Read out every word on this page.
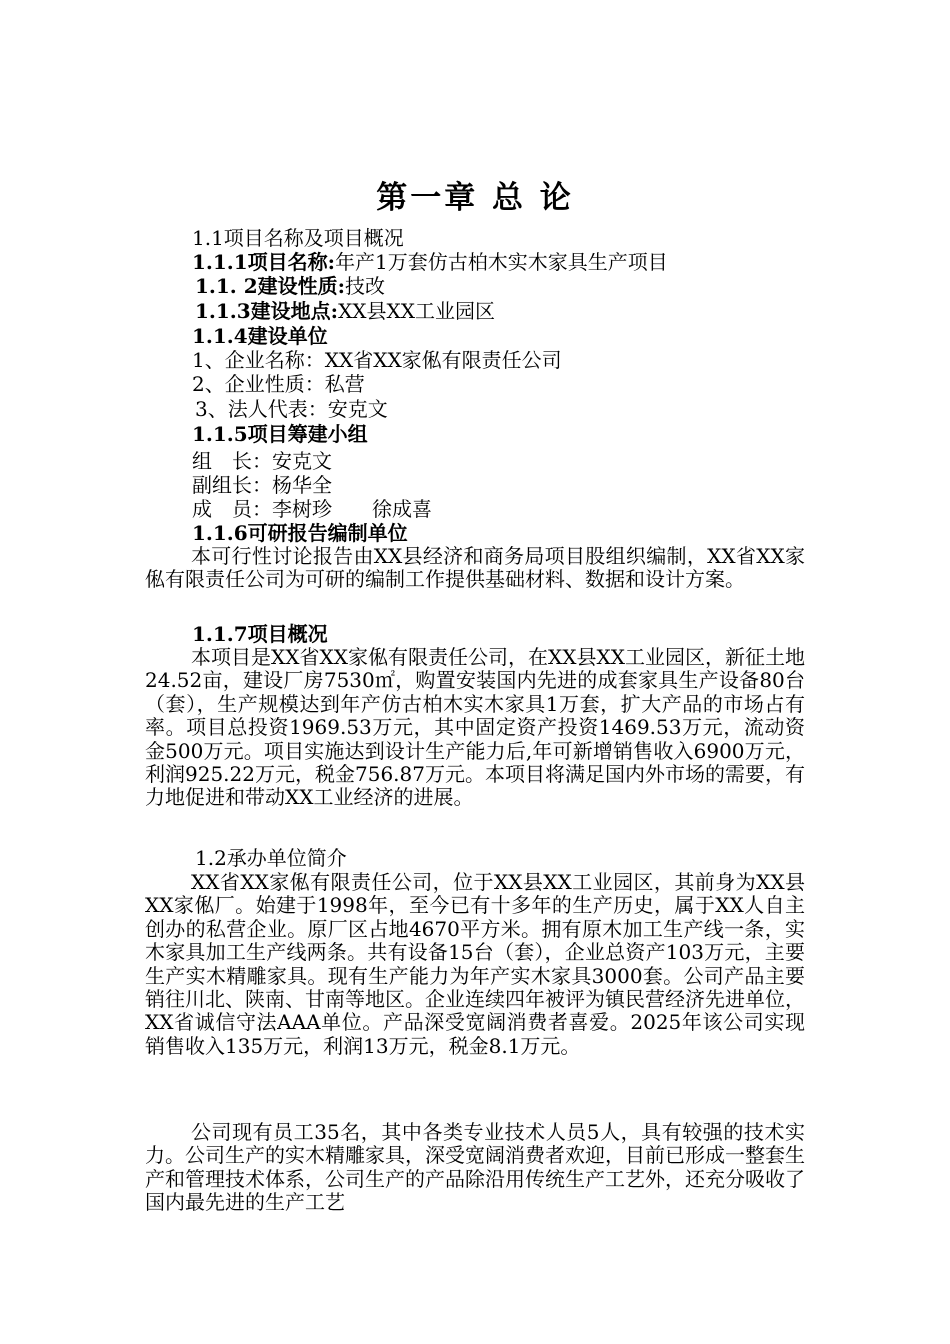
第一章 总 论
1.1项目名称及项目概况
1.1.1项目名称:年产1万套仿古柏木实木家具生产项目
1.1. 2建设性质:技改
1.1.3建设地点:XX县XX工业园区
1.1.4建设单位
1、企业名称：XX省XX家俬有限责任公司
2、企业性质：私营
3、法人代表：安克文
1.1.5项目筹建小组
组　长：安克文
副组长：杨华全
成　员：李树珍　　徐成喜
1.1.6可研报告编制单位
本可行性讨论报告由XX县经济和商务局项目股组织编制，XX省XX家俬有限责任公司为可研的编制工作提供基础材料、数据和设计方案。
1.1.7项目概况
本项目是XX省XX家俬有限责任公司，在XX县XX工业园区，新征土地24.52亩，建设厂房7530㎡，购置安装国内先进的成套家具生产设备80台（套），生产规模达到年产仿古柏木实木家具1万套，扩大产品的市场占有率。项目总投资1969.53万元，其中固定资产投资1469.53万元，流动资金500万元。项目实施达到设计生产能力后,年可新增销售收入6900万元，利润925.22万元，税金756.87万元。本项目将满足国内外市场的需要，有力地促进和带动XX工业经济的进展。
1.2承办单位简介
XX省XX家俬有限责任公司，位于XX县XX工业园区，其前身为XX县XX家俬厂。始建于1998年，至今已有十多年的生产历史，属于XX人自主创办的私营企业。原厂区占地4670平方米。拥有原木加工生产线一条，实木家具加工生产线两条。共有设备15台（套），企业总资产103万元，主要生产实木精雕家具。现有生产能力为年产实木家具3000套。公司产品主要销往川北、陕南、甘南等地区。企业连续四年被评为镇民营经济先进单位，XX省诚信守法AAA单位。产品深受宽阔消费者喜爱。2025年该公司实现销售收入135万元，利润13万元，税金8.1万元。
公司现有员工35名，其中各类专业技术人员5人，具有较强的技术实力。公司生产的实木精雕家具，深受宽阔消费者欢迎，目前已形成一整套生产和管理技术体系，公司生产的产品除沿用传统生产工艺外，还充分吸收了国内最先进的生产工艺
